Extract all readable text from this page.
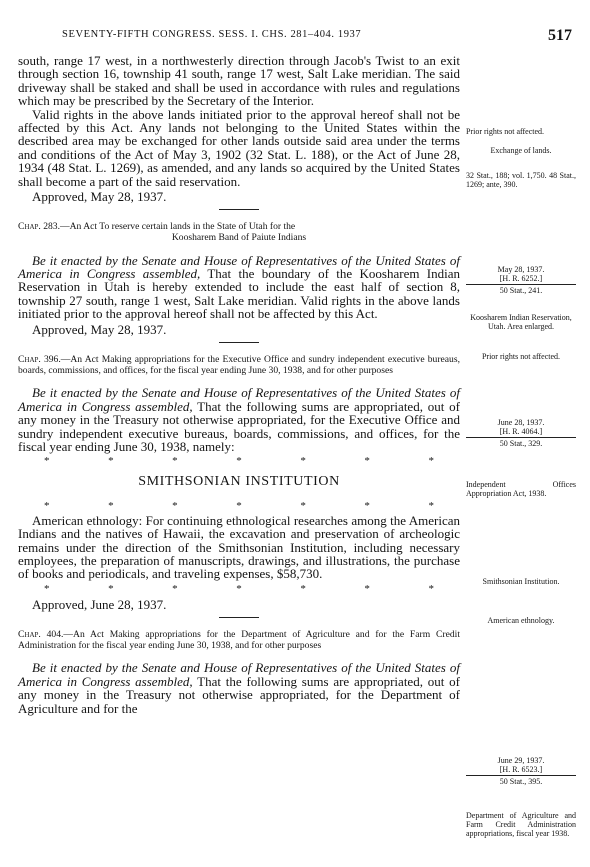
SEVENTY-FIFTH CONGRESS. SESS. I. CHS. 281–404. 1937	517

south, range 17 west, in a northwesterly direction through Jacob's Twist to an exit through section 16, township 41 south, range 17 west, Salt Lake meridian. The said driveway shall be staked and shall be used in accordance with rules and regulations which may be prescribed by the Secretary of the Interior.

Valid rights in the above lands initiated prior to the approval hereof shall not be affected by this Act. Any lands not belonging to the United States within the described area may be exchanged for other lands outside said area under the terms and conditions of the Act of May 3, 1902 (32 Stat. L. 188), or the Act of June 28, 1934 (48 Stat. L. 1269), as amended, and any lands so acquired by the United States shall become a part of the said reservation.

Approved, May 28, 1937.

Chap. 283.—An Act To reserve certain lands in the State of Utah for the

Koosharem Band of Paiute Indians

Be it enacted by the Senate and House of Representatives of the United States of America in Congress assembled, That the boundary of the Koosharem Indian Reservation in Utah is hereby extended to include the east half of section 8, township 27 south, range 1 west, Salt Lake meridian. Valid rights in the above lands initiated prior to the approval hereof shall not be affected by this Act.

Approved, May 28, 1937.

Chap. 396.—An Act Making appropriations for the Executive Office and sundry independent executive bureaus, boards, commissions, and offices, for the fiscal year ending June 30, 1938, and for other purposes

Be it enacted by the Senate and House of Representatives of the United States of America in Congress assembled, That the following sums are appropriated, out of any money in the Treasury not otherwise appropriated, for the Executive Office and sundry independent executive bureaus, boards, commissions, and offices, for the fiscal year ending June 30, 1938, namely:

*	*	*	*	*	*	*

SMITHSONIAN INSTITUTION

*	*	*	*	*	*	*

American ethnology: For continuing ethnological researches among the American Indians and the natives of Hawaii, the excavation and preservation of archeologic remains under the direction of the Smithsonian Institution, including necessary employees, the preparation of manuscripts, drawings, and illustrations, the purchase of books and periodicals, and traveling expenses, $58,730.

*	*	*	*	*	*	*

Approved, June 28, 1937.

Chap. 404.—An Act Making appropriations for the Department of Agriculture and for the Farm Credit Administration for the fiscal year ending June 30, 1938, and for other purposes

Be it enacted by the Senate and House of Representatives of the United States of America in Congress assembled, That the following sums are appropriated, out of any money in the Treasury not otherwise appropriated, for the Department of Agriculture and for the

Prior rights not affected.
Exchange of lands.
32 Stat., 188; vol. 1,750. 48 Stat., 1269; ante, 390.
May 28, 1937.
[H. R. 6252.]
50 Stat., 241.
Koosharem Indian Reservation, Utah. Area enlarged.
Prior rights not affected.
June 28, 1937.
[H. R. 4064.]
50 Stat., 329.
Independent Offices Appropriation Act, 1938.
Smithsonian Institution.
American ethnology.
June 29, 1937.
[H. R. 6523.]
50 Stat., 395.
Department of Agriculture and Farm Credit Administration appropriations, fiscal year 1938.
